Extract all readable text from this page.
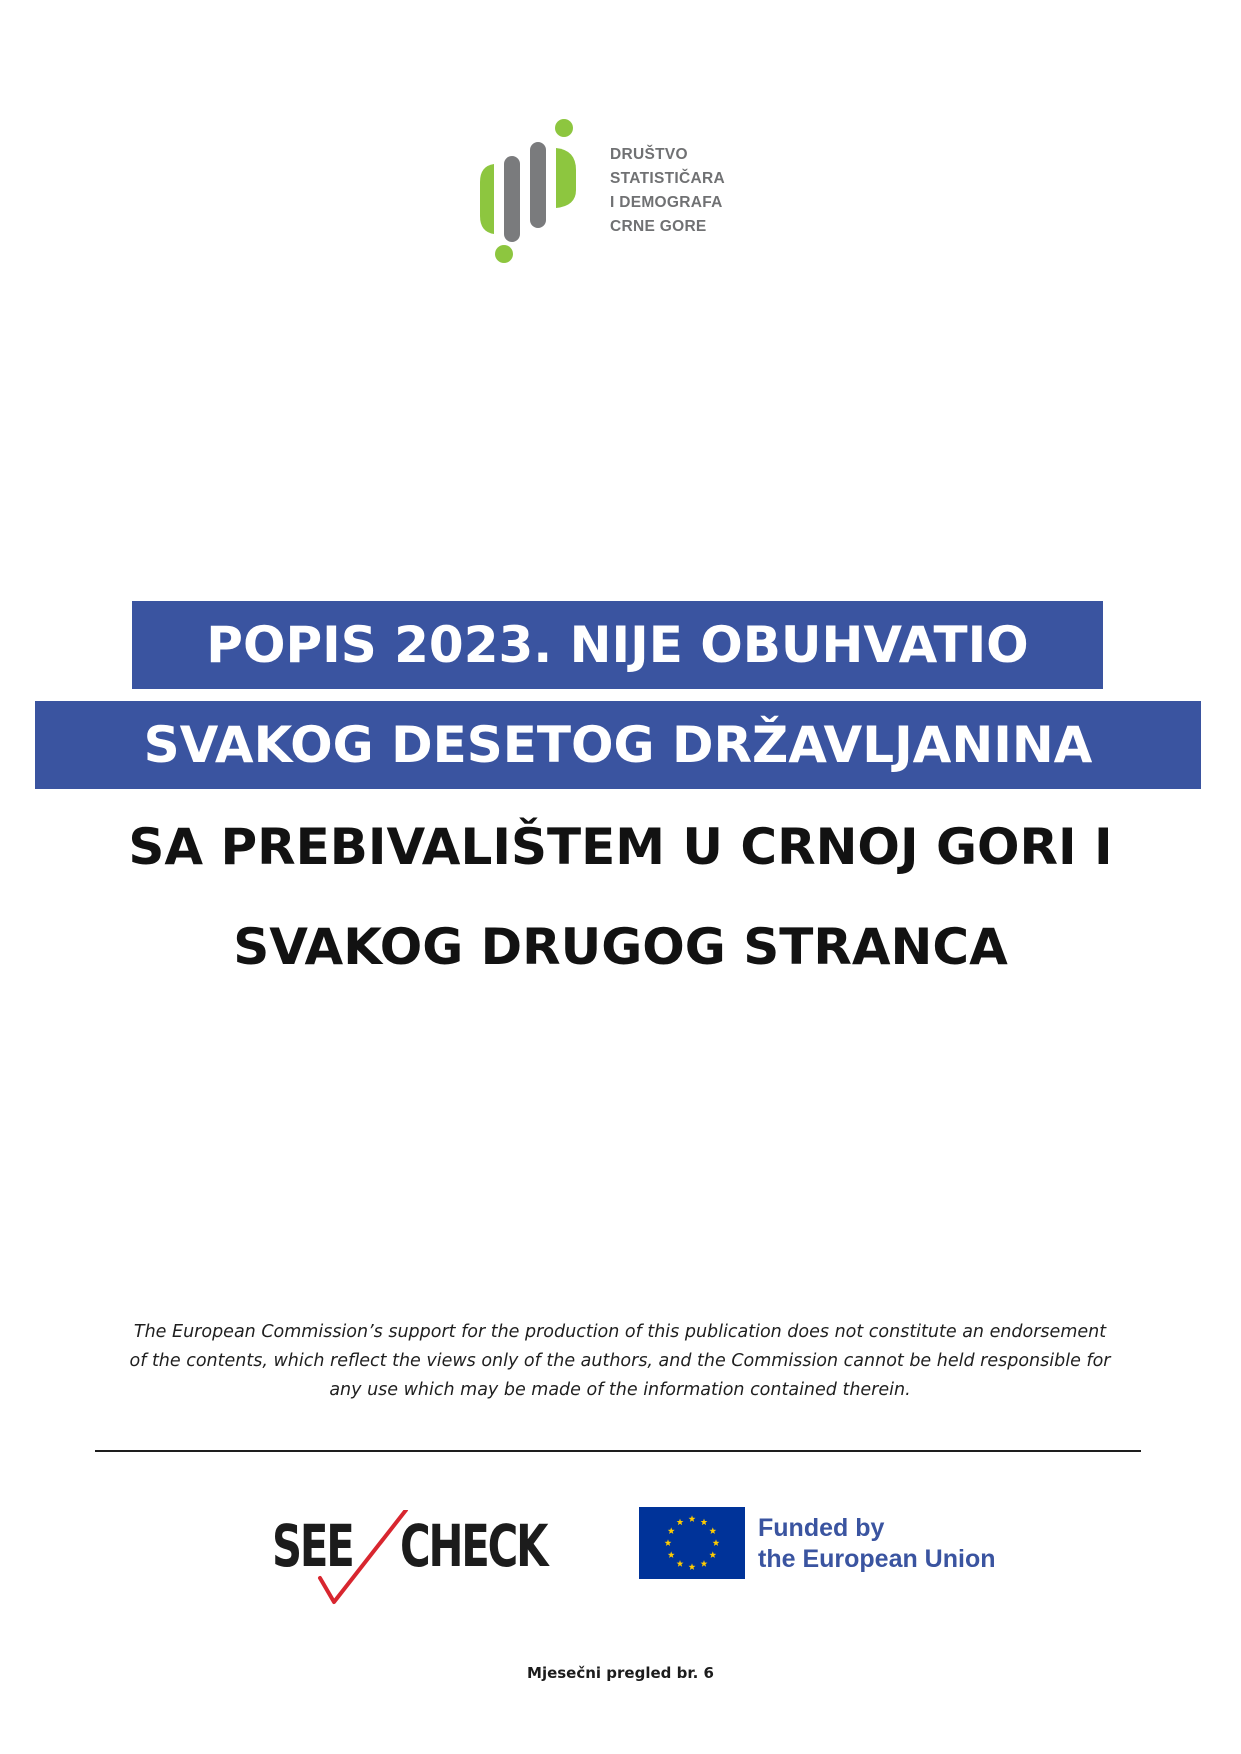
DRUŠTVO
STATISTIČARA
I DEMOGRAFA
CRNE GORE
POPIS 2023. NIJE OBUHVATIO
SVAKOG DESETOG DRŽAVLJANINA
SA PREBIVALIŠTEM U CRNOJ GORI I
SVAKOG DRUGOG STRANCA
The European Commission’s support for the production of this publication does not constitute an endorsement
of the contents, which reflect the views only of the authors, and the Commission cannot be held responsible for
any use which may be made of the information contained therein.
SEE CHECK	Funded by
the European Union
Mjesečni pregled br. 6
